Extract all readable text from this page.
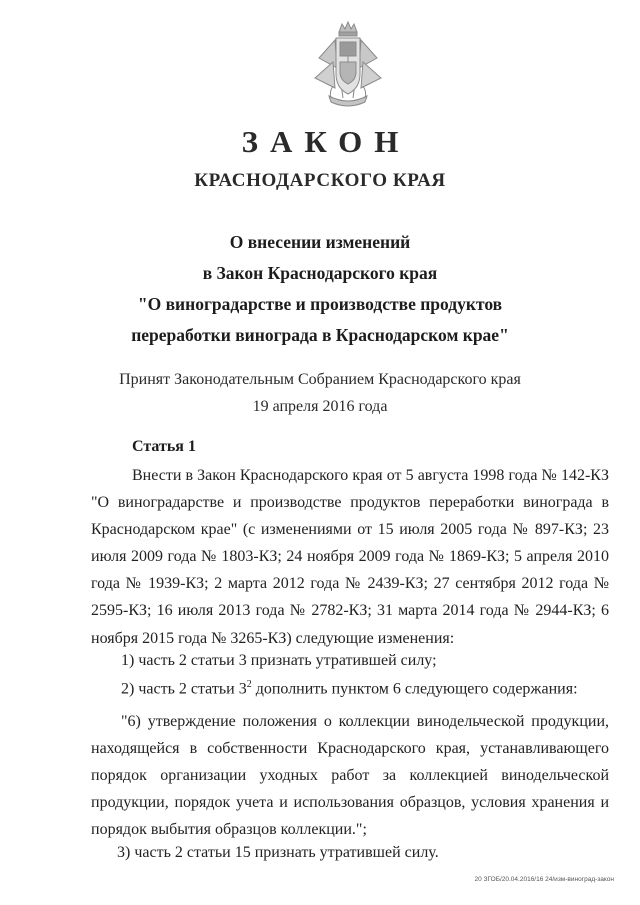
ЗАКОН
КРАСНОДАРСКОГО КРАЯ
О внесении изменений
в Закон Краснодарского края
"О виноградарстве и производстве продуктов
переработки винограда в Краснодарском крае"
Принят Законодательным Собранием Краснодарского края
19 апреля 2016 года
Статья 1
Внести в Закон Краснодарского края от 5 августа 1998 года № 142-КЗ "О виноградарстве и производстве продуктов переработки винограда в Краснодарском крае" (с изменениями от 15 июля 2005 года № 897-КЗ; 23 июля 2009 года № 1803-КЗ; 24 ноября 2009 года № 1869-КЗ; 5 апреля 2010 года № 1939-КЗ; 2 марта 2012 года № 2439-КЗ; 27 сентября 2012 года № 2595-КЗ; 16 июля 2013 года № 2782-КЗ; 31 марта 2014 года № 2944-КЗ; 6 ноября 2015 года № 3265-КЗ) следующие изменения:
1) часть 2 статьи 3 признать утратившей силу;
2) часть 2 статьи $3^2$ дополнить пунктом 6 следующего содержания:
"6) утверждение положения о коллекции винодельческой продукции, находящейся в собственности Краснодарского края, устанавливающего порядок организации уходных работ за коллекцией винодельческой продукции, порядок учета и использования образцов, условия хранения и порядок выбытия образцов коллекции.";
3) часть 2 статьи 15 признать утратившей силу.
20 ЗГОБ/20.04.2016/16 24/изм-виноград-закон
